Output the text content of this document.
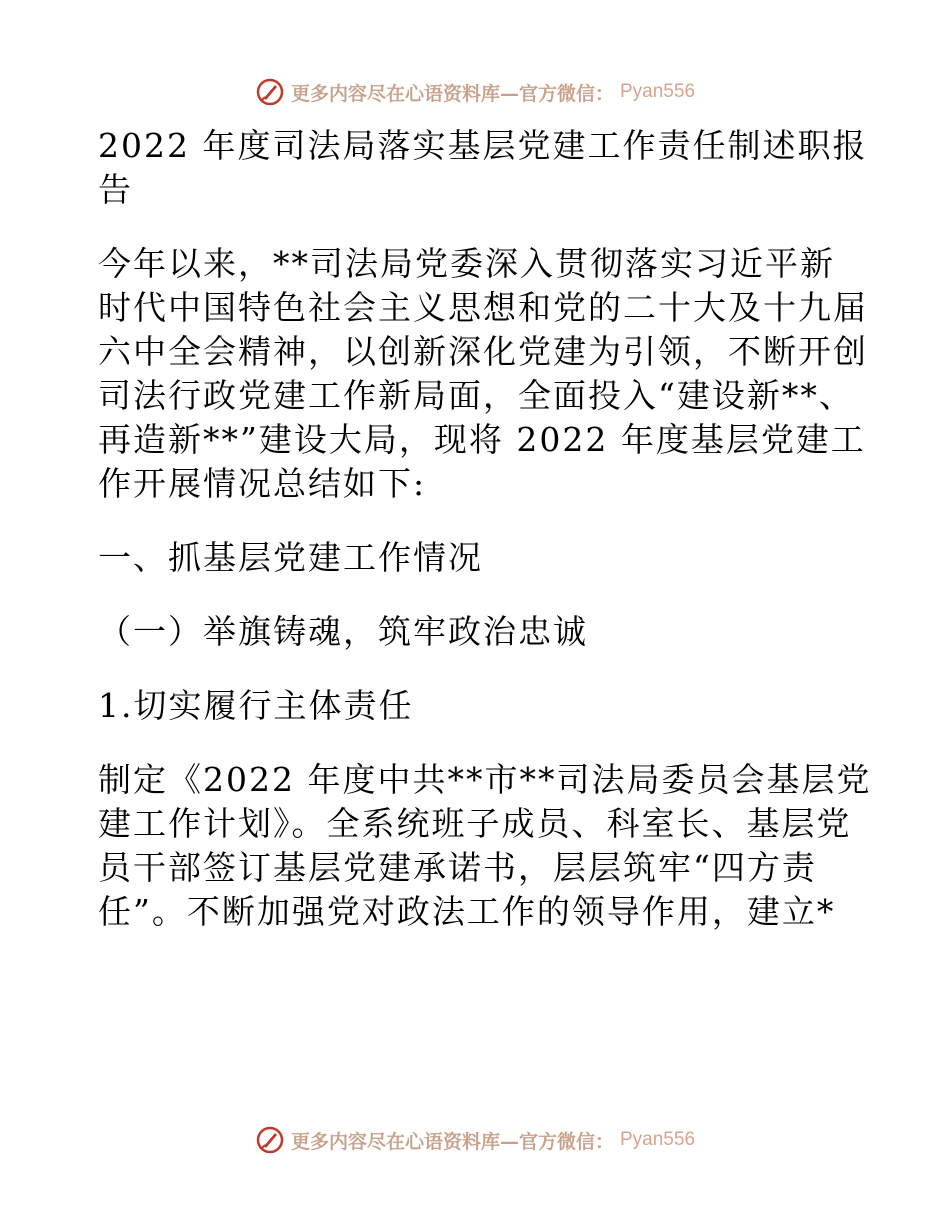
更多内容尽在心语资料库—官方微信： Pyan556
2022 年度司法局落实基层党建工作责任制述职报
告
今年以来，**司法局党委深入贯彻落实习近平新
时代中国特色社会主义思想和党的二十大及十九届
六中全会精神，以创新深化党建为引领，不断开创
司法行政党建工作新局面，全面投入“建设新**、
再造新**”建设大局，现将 2022 年度基层党建工
作开展情况总结如下:
一、抓基层党建工作情况
（一）举旗铸魂，筑牢政治忠诚
1.切实履行主体责任
制定《2022 年度中共**市**司法局委员会基层党
建工作计划》。全系统班子成员、科室长、基层党
员干部签订基层党建承诺书，层层筑牢“四方责
任”。不断加强党对政法工作的领导作用，建立*
更多内容尽在心语资料库—官方微信： Pyan556
